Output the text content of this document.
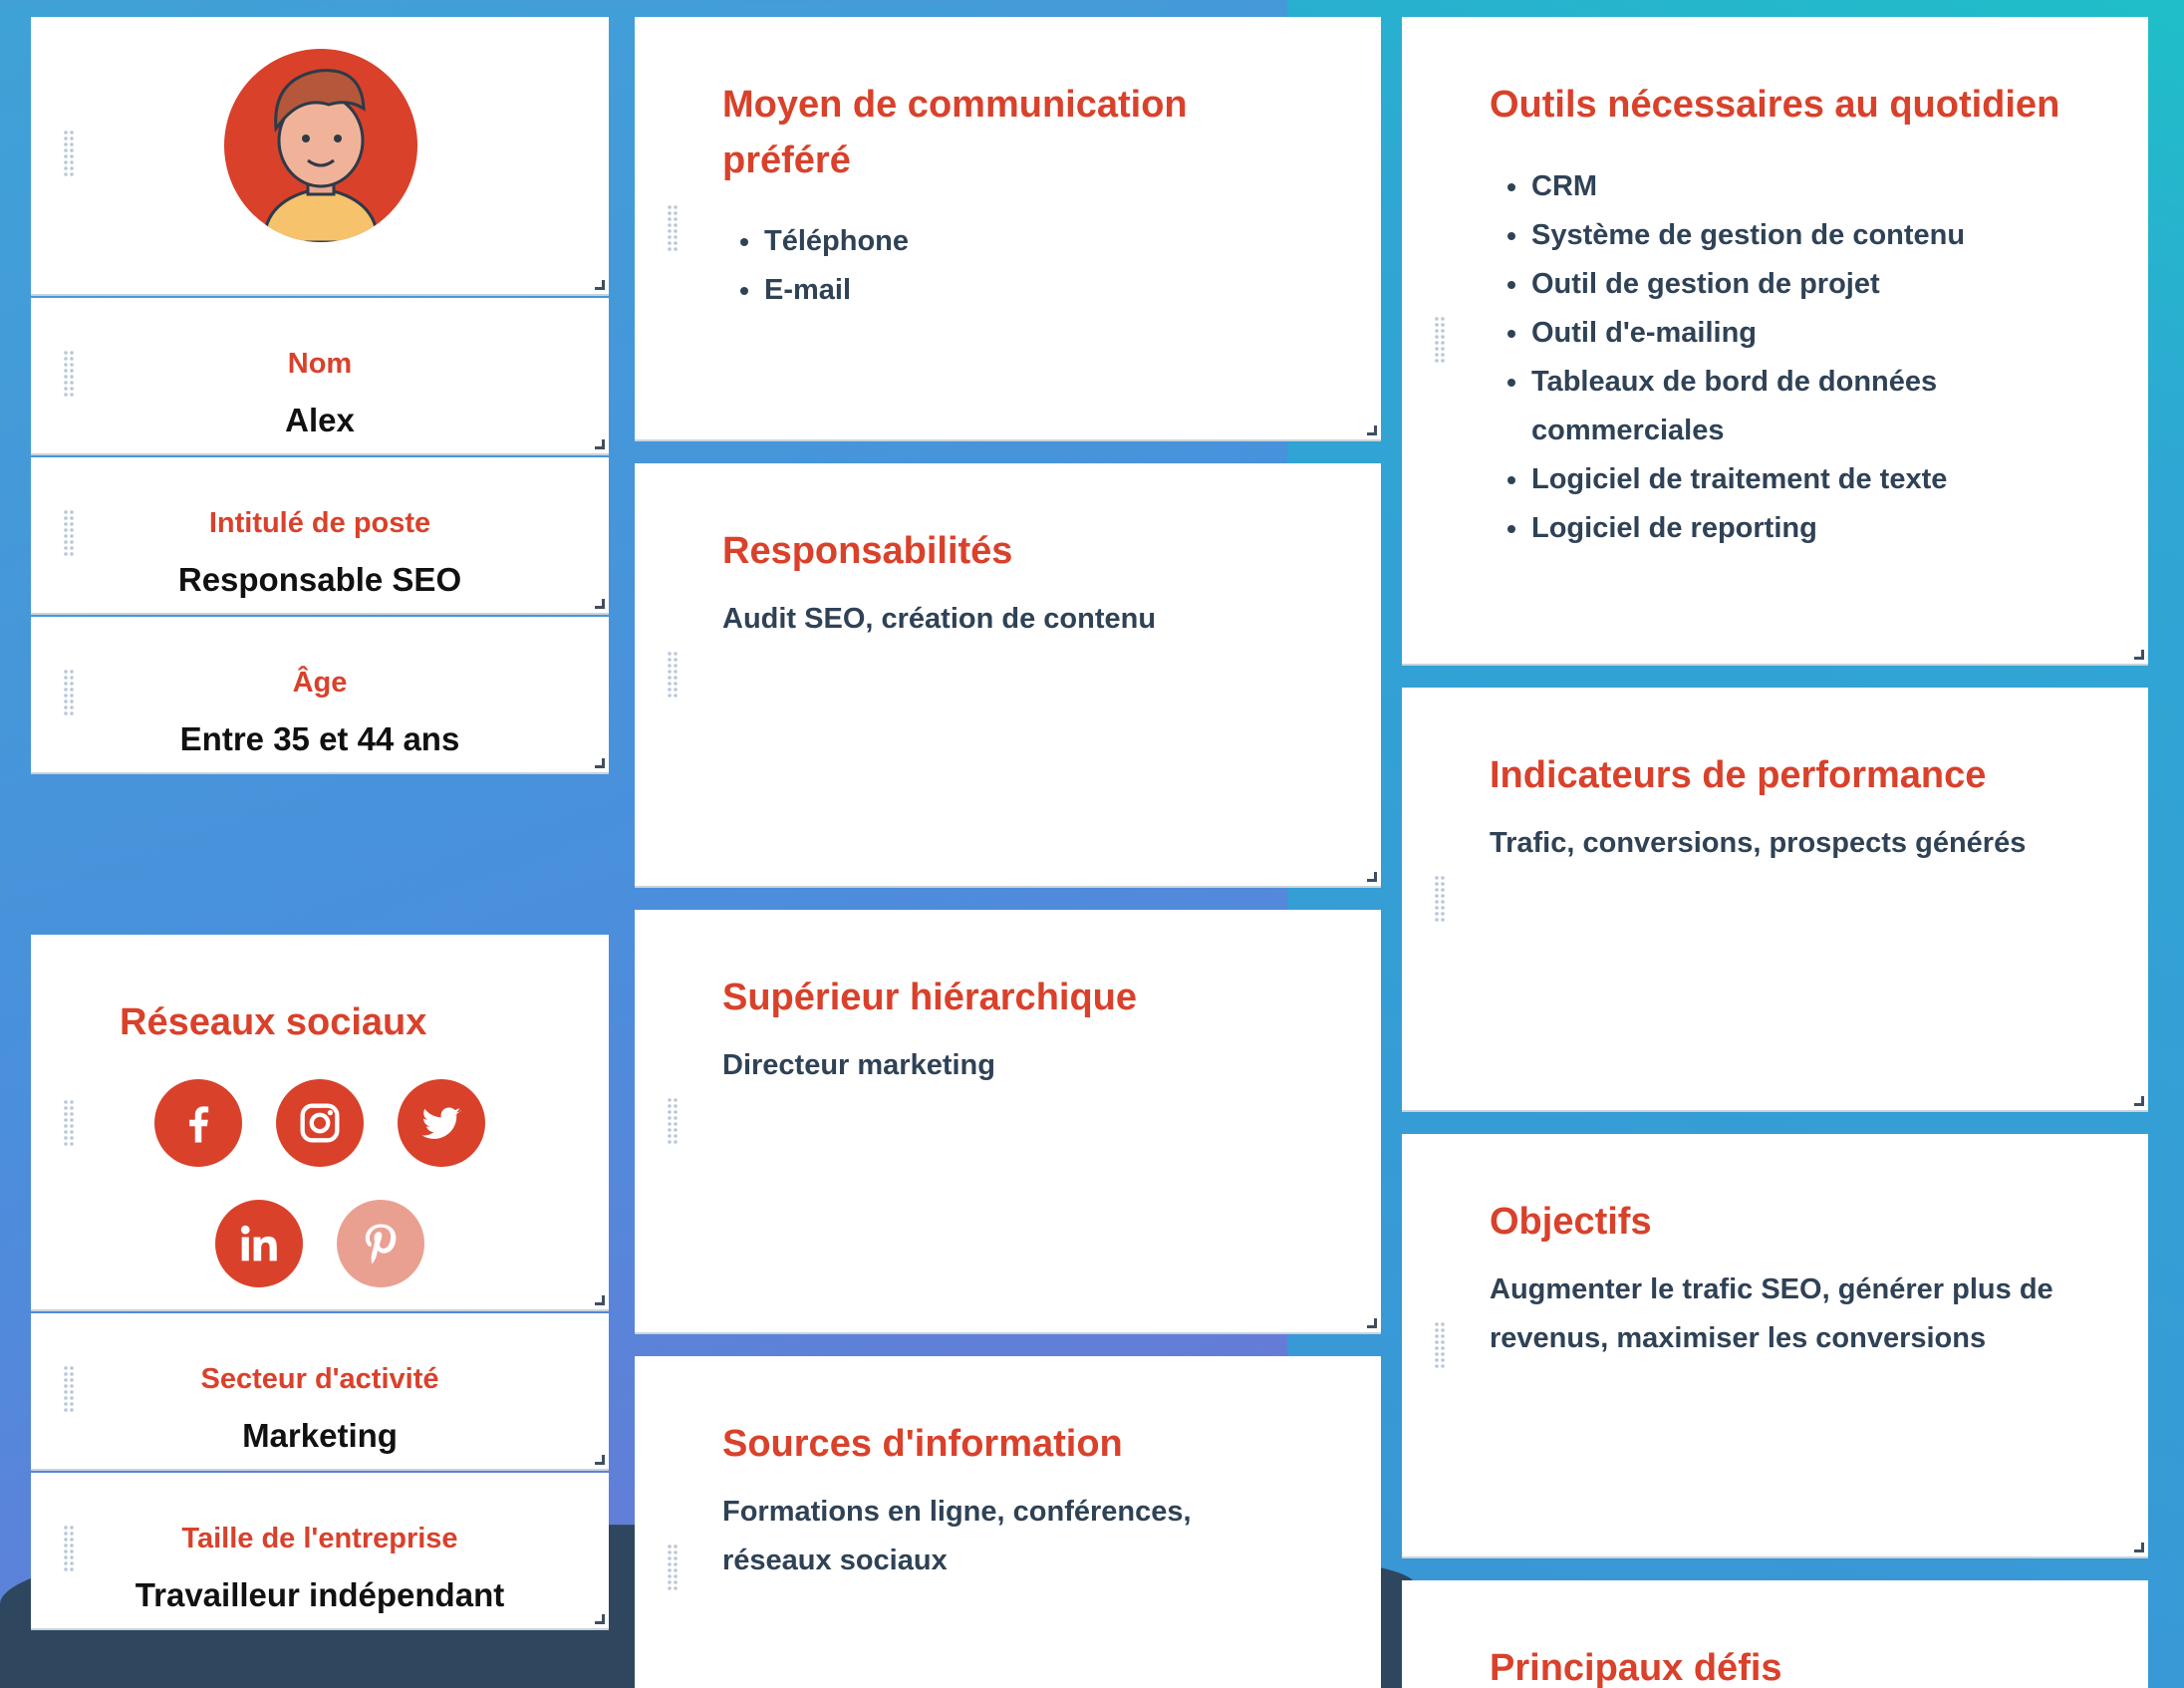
Nom
Alex
Intitulé de poste
Responsable SEO
Âge
Entre 35 et 44 ans
Réseaux sociaux
Secteur d'activité
Marketing
Taille de l'entreprise
Travailleur indépendant
Moyen de communication
préféré
Téléphone
E-mail
Responsabilités
Audit SEO, création de contenu
Supérieur hiérarchique
Directeur marketing
Sources d'information
Formations en ligne, conférences,
réseaux sociaux
Outils nécessaires au quotidien
CRM
Système de gestion de contenu
Outil de gestion de projet
Outil d'e-mailing
Tableaux de bord de données commerciales
Logiciel de traitement de texte
Logiciel de reporting
Indicateurs de performance
Trafic, conversions, prospects générés
Objectifs
Augmenter le trafic SEO, générer plus de
revenus, maximiser les conversions
Principaux défis
